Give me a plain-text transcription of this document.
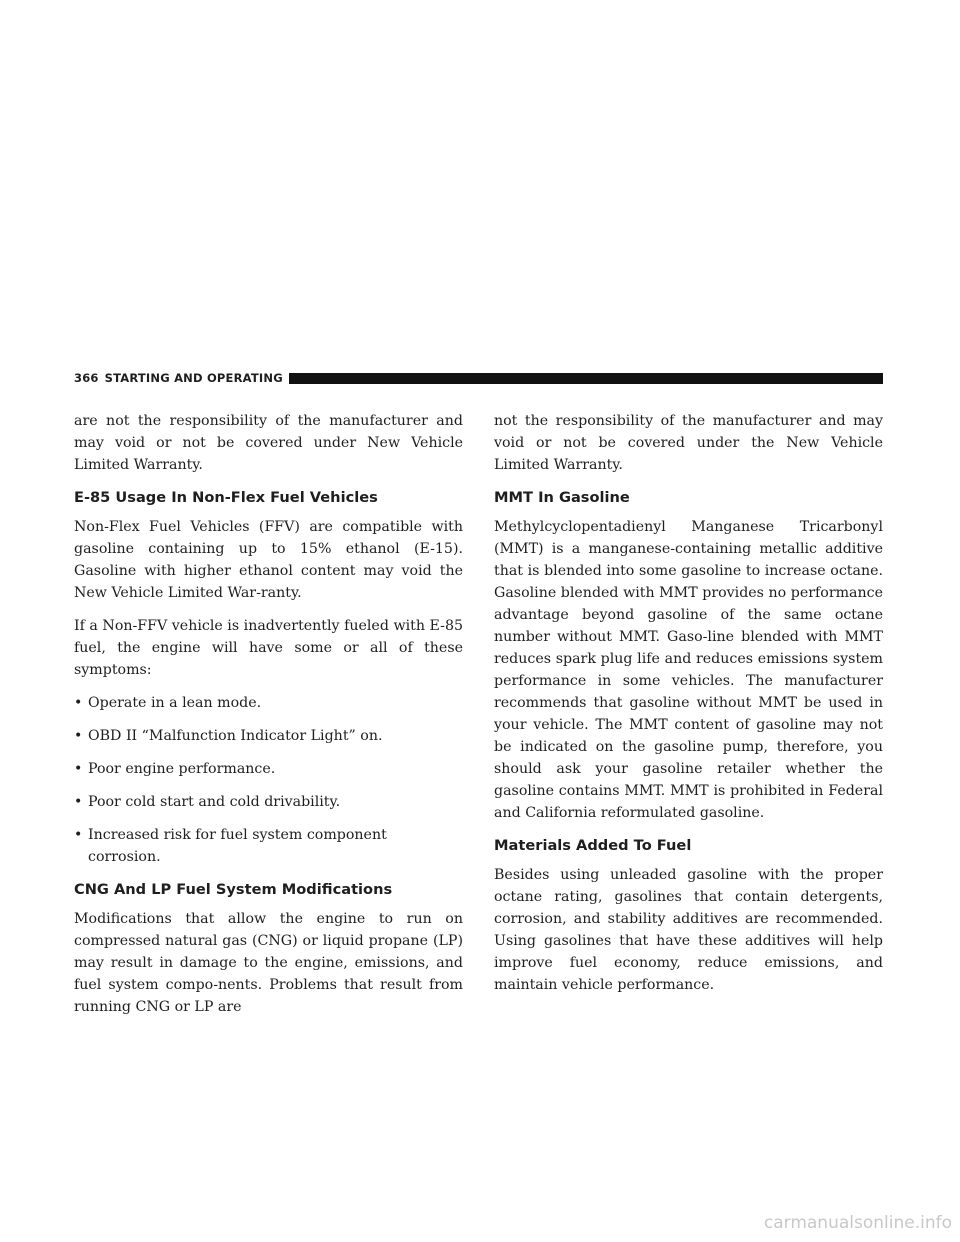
366 STARTING AND OPERATING

are not the responsibility of the manufacturer and may void or not be covered under New Vehicle Limited Warranty.

E-85 Usage In Non-Flex Fuel Vehicles

Non-Flex Fuel Vehicles (FFV) are compatible with gasoline containing up to 15% ethanol (E-15). Gasoline with higher ethanol content may void the New Vehicle Limited War-ranty.

If a Non-FFV vehicle is inadvertently fueled with E-85 fuel, the engine will have some or all of these symptoms:

• Operate in a lean mode.
• OBD II “Malfunction Indicator Light” on.
• Poor engine performance.
• Poor cold start and cold drivability.
• Increased risk for fuel system component corrosion.
CNG And LP Fuel System Modifications

Modifications that allow the engine to run on compressed natural gas (CNG) or liquid propane (LP) may result in damage to the engine, emissions, and fuel system compo-nents. Problems that result from running CNG or LP are

not the responsibility of the manufacturer and may void or not be covered under the New Vehicle Limited Warranty.

MMT In Gasoline

Methylcyclopentadienyl Manganese Tricarbonyl (MMT) is a manganese-containing metallic additive that is blended into some gasoline to increase octane. Gasoline blended with MMT provides no performance advantage beyond gasoline of the same octane number without MMT. Gaso-line blended with MMT reduces spark plug life and reduces emissions system performance in some vehicles. The manufacturer recommends that gasoline without MMT be used in your vehicle. The MMT content of gasoline may not be indicated on the gasoline pump, therefore, you should ask your gasoline retailer whether the gasoline contains MMT. MMT is prohibited in Federal and California reformulated gasoline.

Materials Added To Fuel

Besides using unleaded gasoline with the proper octane rating, gasolines that contain detergents, corrosion, and stability additives are recommended. Using gasolines that have these additives will help improve fuel economy, reduce emissions, and maintain vehicle performance.

carmanualsonline.info
